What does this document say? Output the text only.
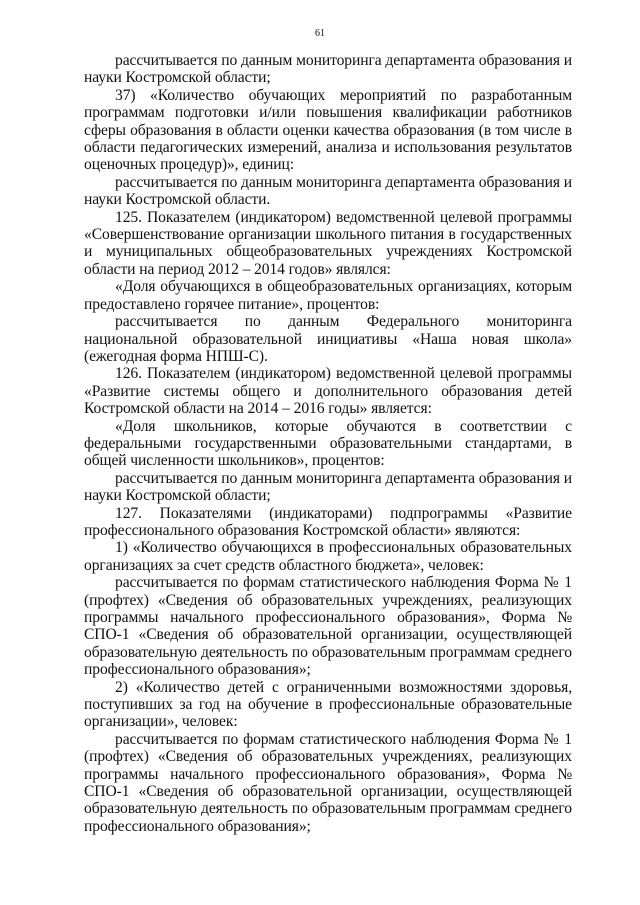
61

рассчитывается по данным мониторинга департамента образования и науки Костромской области;

37) «Количество обучающих мероприятий по разработанным программам подготовки и/или повышения квалификации работников сферы образования в области оценки качества образования (в том числе в области педагогических измерений, анализа и использования результатов оценочных процедур)», единиц:

рассчитывается по данным мониторинга департамента образования и науки Костромской области.

125. Показателем (индикатором) ведомственной целевой программы «Совершенствование организации школьного питания в государственных и муниципальных общеобразовательных учреждениях Костромской области на период 2012 – 2014 годов» являлся:

«Доля обучающихся в общеобразовательных организациях, которым предоставлено горячее питание», процентов:

рассчитывается по данным Федерального мониторинга национальной образовательной инициативы «Наша новая школа» (ежегодная форма НПШ-С).

126. Показателем (индикатором) ведомственной целевой программы «Развитие системы общего и дополнительного образования детей Костромской области на 2014 – 2016 годы» является:

«Доля школьников, которые обучаются в соответствии с федеральными государственными образовательными стандартами, в общей численности школьников», процентов:

рассчитывается по данным мониторинга департамента образования и науки Костромской области;

127. Показателями (индикаторами) подпрограммы «Развитие профессионального образования Костромской области» являются:

1) «Количество обучающихся в профессиональных образовательных организациях за счет средств областного бюджета», человек:

рассчитывается по формам статистического наблюдения Форма № 1 (профтех) «Сведения об образовательных учреждениях, реализующих программы начального профессионального образования», Форма № СПО-1 «Сведения об образовательной организации, осуществляющей образовательную деятельность по образовательным программам среднего профессионального образования»;

2) «Количество детей с ограниченными возможностями здоровья, поступивших за год на обучение в профессиональные образовательные организации», человек:

рассчитывается по формам статистического наблюдения Форма № 1 (профтех) «Сведения об образовательных учреждениях, реализующих программы начального профессионального образования», Форма № СПО-1 «Сведения об образовательной организации, осуществляющей образовательную деятельность по образовательным программам среднего профессионального образования»;
